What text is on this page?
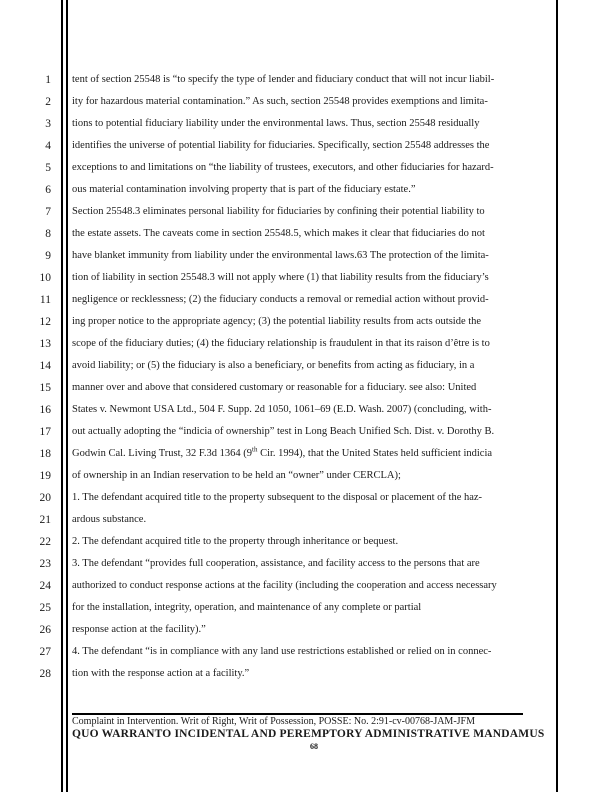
1
2
3
4
5
6
7
8
9
10
11
12
13
14
15
16
17
18
19
20
21
22
23
24
25
26
27
28
tent of section 25548 is “to specify the type of lender and fiduciary conduct that will not incur liabil-
ity for hazardous material contamination.” As such, section 25548 provides exemptions and limita-
tions to potential fiduciary liability under the environmental laws. Thus, section 25548 residually
identifies the universe of potential liability for fiduciaries. Specifically, section 25548 addresses the
exceptions to and limitations on “the liability of trustees, executors, and other fiduciaries for hazard-
ous material contamination involving property that is part of the fiduciary estate.”
Section 25548.3 eliminates personal liability for fiduciaries by confining their potential liability to
the estate assets. The caveats come in section 25548.5, which makes it clear that fiduciaries do not
have blanket immunity from liability under the environmental laws.63 The protection of the limita-
tion of liability in section 25548.3 will not apply where (1) that liability results from the fiduciary’s
negligence or recklessness; (2) the fiduciary conducts a removal or remedial action without provid-
ing proper notice to the appropriate agency; (3) the potential liability results from acts outside the
scope of the fiduciary duties; (4) the fiduciary relationship is fraudulent in that its raison d’être is to
avoid liability; or (5) the fiduciary is also a beneficiary, or benefits from acting as fiduciary, in a
manner over and above that considered customary or reasonable for a fiduciary. see also: United
States v. Newmont USA Ltd., 504 F. Supp. 2d 1050, 1061–69 (E.D. Wash. 2007) (concluding, with-
out actually adopting the “indicia of ownership” test in Long Beach Unified Sch. Dist. v. Dorothy B.
Godwin Cal. Living Trust, 32 F.3d 1364 (9th Cir. 1994), that the United States held sufficient indicia
of ownership in an Indian reservation to be held an “owner” under CERCLA);
1. The defendant acquired title to the property subsequent to the disposal or placement of the haz-
ardous substance.
2. The defendant acquired title to the property through inheritance or bequest.
3. The defendant “provides full cooperation, assistance, and facility access to the persons that are
authorized to conduct response actions at the facility (including the cooperation and access necessary
for the installation, integrity, operation, and maintenance of any complete or partial
response action at the facility).”
4. The defendant “is in compliance with any land use restrictions established or relied on in connec-
tion with the response action at a facility.”
Complaint in Intervention. Writ of Right, Writ of Possession, POSSE: No. 2:91-cv-00768-JAM-JFM
QUO WARRANTO INCIDENTAL AND PEREMPTORY ADMINISTRATIVE MANDAMUS
68
